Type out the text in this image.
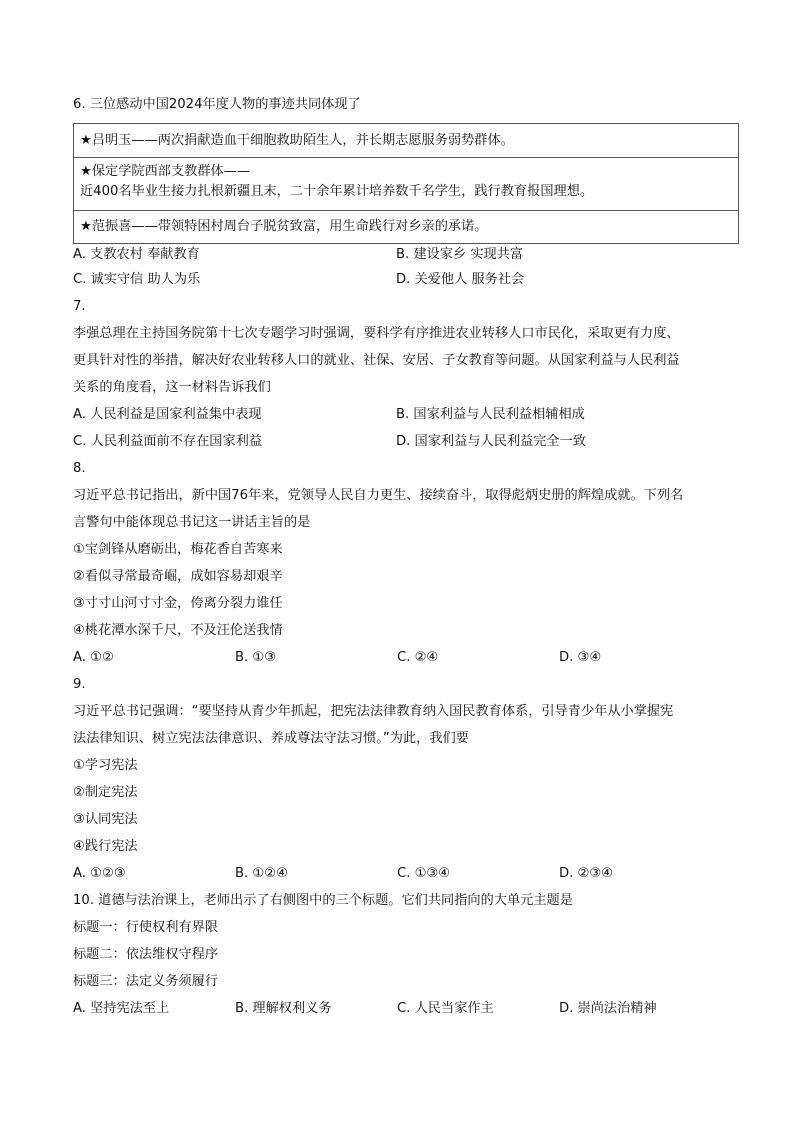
6. 三位感动中国2024年度人物的事迹共同体现了
★吕明玉——两次捐献造血干细胞救助陌生人，并长期志愿服务弱势群体。
★保定学院西部支教群体——
近400名毕业生接力扎根新疆且末，二十余年累计培养数千名学生，践行教育报国理想。
★范振喜——带领特困村周台子脱贫致富，用生命践行对乡亲的承诺。
A. 支教农村 奉献教育	B. 建设家乡 实现共富
C. 诚实守信 助人为乐	D. 关爱他人 服务社会
7.
李强总理在主持国务院第十七次专题学习时强调，要科学有序推进农业转移人口市民化，采取更有力度、
更具针对性的举措，解决好农业转移人口的就业、社保、安居、子女教育等问题。从国家利益与人民利益
关系的角度看，这一材料告诉我们
A. 人民利益是国家利益集中表现	B. 国家利益与人民利益相辅相成
C. 人民利益面前不存在国家利益	D. 国家利益与人民利益完全一致
8.
习近平总书记指出，新中国76年来，党领导人民自力更生、接续奋斗，取得彪炳史册的辉煌成就。下列名
言警句中能体现总书记这一讲话主旨的是
①宝剑锋从磨砺出，梅花香自苦寒来
②看似寻常最奇崛，成如容易却艰辛
③寸寸山河寸寸金，侉离分裂力谁任
④桃花潭水深千尺，不及汪伦送我情
A. ①②	B. ①③	C. ②④	D. ③④
9.
习近平总书记强调：“要坚持从青少年抓起，把宪法法律教育纳入国民教育体系，引导青少年从小掌握宪
法法律知识、树立宪法法律意识、养成尊法守法习惯。”为此，我们要
①学习宪法
②制定宪法
③认同宪法
④践行宪法
A. ①②③	B. ①②④	C. ①③④	D. ②③④
10. 道德与法治课上，老师出示了右侧图中的三个标题。它们共同指向的大单元主题是
标题一：行使权利有界限
标题二：依法维权守程序
标题三：法定义务须履行
A. 坚持宪法至上	B. 理解权利义务	C. 人民当家作主	D. 崇尚法治精神
